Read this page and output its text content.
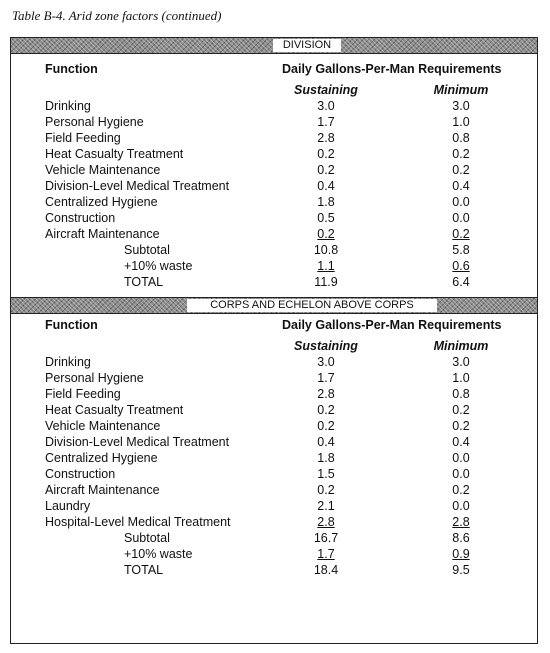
Table B-4. Arid zone factors (continued)
DIVISION
Function	Daily Gallons-Per-Man Requirements
Sustaining	Minimum
Drinking	3.0	3.0
Personal Hygiene	1.7	1.0
Field Feeding	2.8	0.8
Heat Casualty Treatment	0.2	0.2
Vehicle Maintenance	0.2	0.2
Division-Level Medical Treatment	0.4	0.4
Centralized Hygiene	1.8	0.0
Construction	0.5	0.0
Aircraft Maintenance	0.2	0.2
Subtotal	10.8	5.8
+10% waste	1.1	0.6
TOTAL	11.9	6.4
CORPS AND ECHELON ABOVE CORPS
Function	Daily Gallons-Per-Man Requirements
Sustaining	Minimum
Drinking	3.0	3.0
Personal Hygiene	1.7	1.0
Field Feeding	2.8	0.8
Heat Casualty Treatment	0.2	0.2
Vehicle Maintenance	0.2	0.2
Division-Level Medical Treatment	0.4	0.4
Centralized Hygiene	1.8	0.0
Construction	1.5	0.0
Aircraft Maintenance	0.2	0.2
Laundry	2.1	0.0
Hospital-Level Medical Treatment	2.8	2.8
Subtotal	16.7	8.6
+10% waste	1.7	0.9
TOTAL	18.4	9.5
